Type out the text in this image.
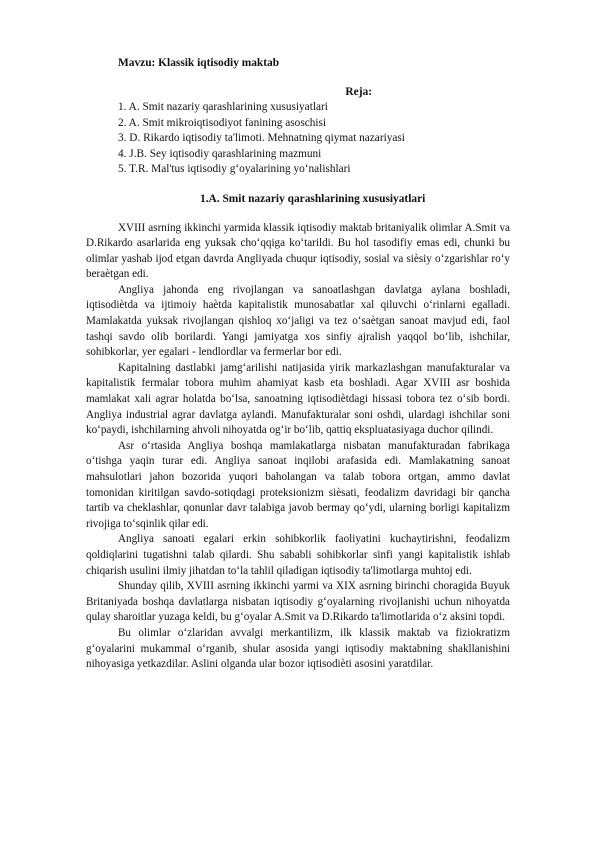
Mavzu: Klassik iqtisodiy maktab
Reja:
1. A. Smit nazariy qarashlarining xususiyatlari
2. A. Smit mikroiqtisodiyot fanining asoschisi
3. D. Rikardo iqtisodiy ta'limoti. Mehnatning qiymat nazariyasi
4. J.B. Sey iqtisodiy qarashlarining mazmuni
5. T.R. Mal'tus iqtisodiy g‘oyalarining yo‘nalishlari
1.A. Smit nazariy qarashlarining xususiyatlari

XVIII asrning ikkinchi yarmida klassik iqtisodiy maktab britaniyalik olimlar A.Smit va D.Rikardo asarlarida eng yuksak cho‘qqiga ko‘tarildi. Bu hol tasodifiy emas edi, chunki bu olimlar yashab ijod etgan davrda Angliyada chuqur iqtisodiy, sosial va siѐsiy o‘zgarishlar ro‘y beraѐtgan edi.

Angliya jahonda eng rivojlangan va sanoatlashgan davlatga aylana boshladi, iqtisodiѐtda va ijtimoiy haѐtda kapitalistik munosabatlar xal qiluvchi o‘rinlarni egalladi. Mamlakatda yuksak rivojlangan qishloq xo‘jaligi va tez o‘saѐtgan sanoat mavjud edi, faol tashqi savdo olib borilardi. Yangi jamiyatga xos sinfiy ajralish yaqqol bo‘lib, ishchilar, sohibkorlar, yer egalari - lendlordlar va fermerlar bor edi.

Kapitalning dastlabki jamg‘arilishi natijasida yirik markazlashgan manufakturalar va kapitalistik fermalar tobora muhim ahamiyat kasb eta boshladi. Agar XVIII asr boshida mamlakat xali agrar holatda bo‘lsa, sanoatning iqtisodiѐtdagi hissasi tobora tez o‘sib bordi. Angliya industrial agrar davlatga aylandi. Manufakturalar soni oshdi, ulardagi ishchilar soni ko‘paydi, ishchilarning ahvoli nihoyatda og‘ir bo‘lib, qattiq ekspluatasiyaga duchor qilindi.

Asr o‘rtasida Angliya boshqa mamlakatlarga nisbatan manufakturadan fabrikaga o‘tishga yaqin turar edi. Angliya sanoat inqilobi arafasida edi. Mamlakatning sanoat mahsulotlari jahon bozorida yuqori baholangan va talab tobora ortgan, ammo davlat tomonidan kiritilgan savdo-sotiqdagi proteksionizm siѐsati, feodalizm davridagi bir qancha tartib va cheklashlar, qonunlar davr talabiga javob bermay qo‘ydi, ularning borligi kapitalizm rivojiga to‘sqinlik qilar edi.

Angliya sanoati egalari erkin sohibkorlik faoliyatini kuchaytirishni, feodalizm qoldiqlarini tugatishni talab qilardi. Shu sababli sohibkorlar sinfi yangi kapitalistik ishlab chiqarish usulini ilmiy jihatdan to‘la tahlil qiladigan iqtisodiy ta'limotlarga muhtoj edi.

Shunday qilib, XVIII asrning ikkinchi yarmi va XIX asrning birinchi choragida Buyuk Britaniyada boshqa davlatlarga nisbatan iqtisodiy g‘oyalarning rivojlanishi uchun nihoyatda qulay sharoitlar yuzaga keldi, bu g‘oyalar A.Smit va D.Rikardo ta'limotlarida o‘z aksini topdi.

Bu olimlar o‘zlaridan avvalgi merkantilizm, ilk klassik maktab va fiziokratizm g‘oyalarini mukammal o‘rganib, shular asosida yangi iqtisodiy maktabning shakllanishini nihoyasiga yetkazdilar. Aslini olganda ular bozor iqtisodiѐti asosini yaratdilar.
